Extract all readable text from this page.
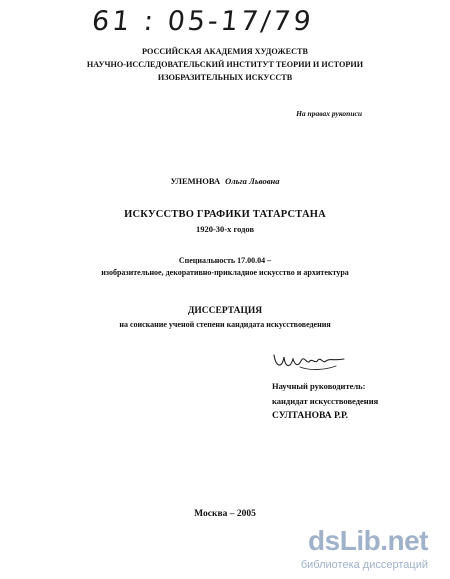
61 : 05-17/79
РОССИЙСКАЯ АКАДЕМИЯ ХУДОЖЕСТВ
НАУЧНО-ИССЛЕДОВАТЕЛЬСКИЙ ИНСТИТУТ ТЕОРИИ И ИСТОРИИ
ИЗОБРАЗИТЕЛЬНЫХ ИСКУССТВ
На правах рукописи
УЛЕМНОВА Ольга Львовна
ИСКУССТВО ГРАФИКИ ТАТАРСТАНА
1920-30-х годов
Специальность 17.00.04 –
изобразительное, декоративно-прикладное искусство и архитектура
ДИССЕРТАЦИЯ
на соискание ученой степени кандидата искусствоведения
Научный руководитель:
кандидат искусствоведения
СУЛТАНОВА Р.Р.
Москва – 2005
dsLib.net
библиотека диссертаций
